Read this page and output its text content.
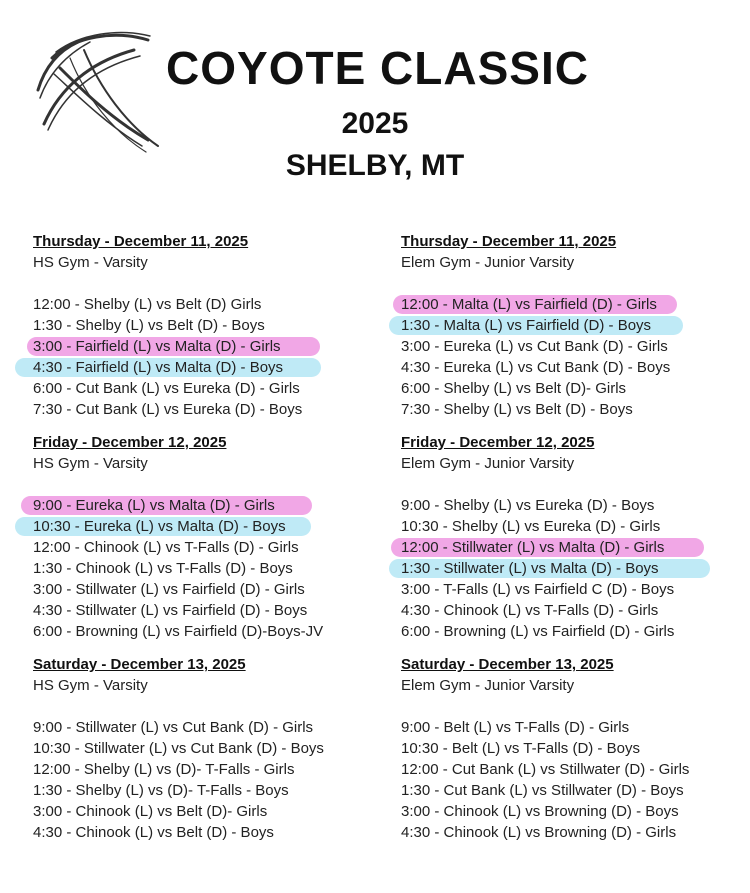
COYOTE CLASSIC
2025
SHELBY, MT
Thursday - December 11, 2025
HS Gym - Varsity
12:00 - Shelby (L) vs Belt (D) Girls
1:30 - Shelby (L) vs Belt (D) - Boys
3:00 - Fairfield (L) vs Malta (D) - Girls
4:30 - Fairfield (L) vs Malta (D) - Boys
6:00 - Cut Bank (L) vs Eureka (D) - Girls
7:30 - Cut Bank (L) vs Eureka (D) - Boys
Friday - December 12, 2025
HS Gym - Varsity
9:00 - Eureka (L) vs Malta (D) - Girls
10:30 - Eureka (L) vs Malta (D) - Boys
12:00 - Chinook (L) vs T-Falls (D) - Girls
1:30 - Chinook (L) vs T-Falls (D) - Boys
3:00 - Stillwater (L) vs Fairfield (D) - Girls
4:30 - Stillwater (L) vs Fairfield (D) - Boys
6:00 - Browning (L) vs Fairfield (D)-Boys-JV
Saturday - December 13, 2025
HS Gym - Varsity
9:00 - Stillwater (L) vs Cut Bank (D) - Girls
10:30 - Stillwater (L) vs Cut Bank (D) - Boys
12:00 - Shelby (L) vs (D)- T-Falls - Girls
1:30 - Shelby (L) vs (D)- T-Falls - Boys
3:00 - Chinook (L) vs Belt (D)- Girls
4:30 - Chinook (L) vs Belt (D) - Boys
Thursday - December 11, 2025
Elem Gym - Junior Varsity
12:00 - Malta (L) vs Fairfield (D) - Girls
1:30 - Malta (L) vs Fairfield (D) - Boys
3:00 - Eureka (L) vs Cut Bank (D) - Girls
4:30 - Eureka (L) vs Cut Bank (D) - Boys
6:00 - Shelby (L) vs Belt (D)- Girls
7:30 - Shelby (L) vs Belt (D) - Boys
Friday - December 12, 2025
Elem Gym - Junior Varsity
9:00 - Shelby (L) vs Eureka (D) - Boys
10:30 - Shelby (L) vs Eureka (D) - Girls
12:00 - Stillwater (L) vs Malta (D) - Girls
1:30 - Stillwater (L) vs Malta (D) - Boys
3:00 - T-Falls (L) vs Fairfield C (D) - Boys
4:30 - Chinook (L) vs T-Falls (D) - Girls
6:00 - Browning (L) vs Fairfield (D) - Girls
Saturday - December 13, 2025
Elem Gym - Junior Varsity
9:00 - Belt (L) vs T-Falls (D) - Girls
10:30 - Belt (L) vs T-Falls (D) - Boys
12:00 - Cut Bank (L) vs Stillwater (D) - Girls
1:30 - Cut Bank (L) vs Stillwater (D) - Boys
3:00 - Chinook (L) vs Browning (D) - Boys
4:30 - Chinook (L) vs Browning (D) - Girls
